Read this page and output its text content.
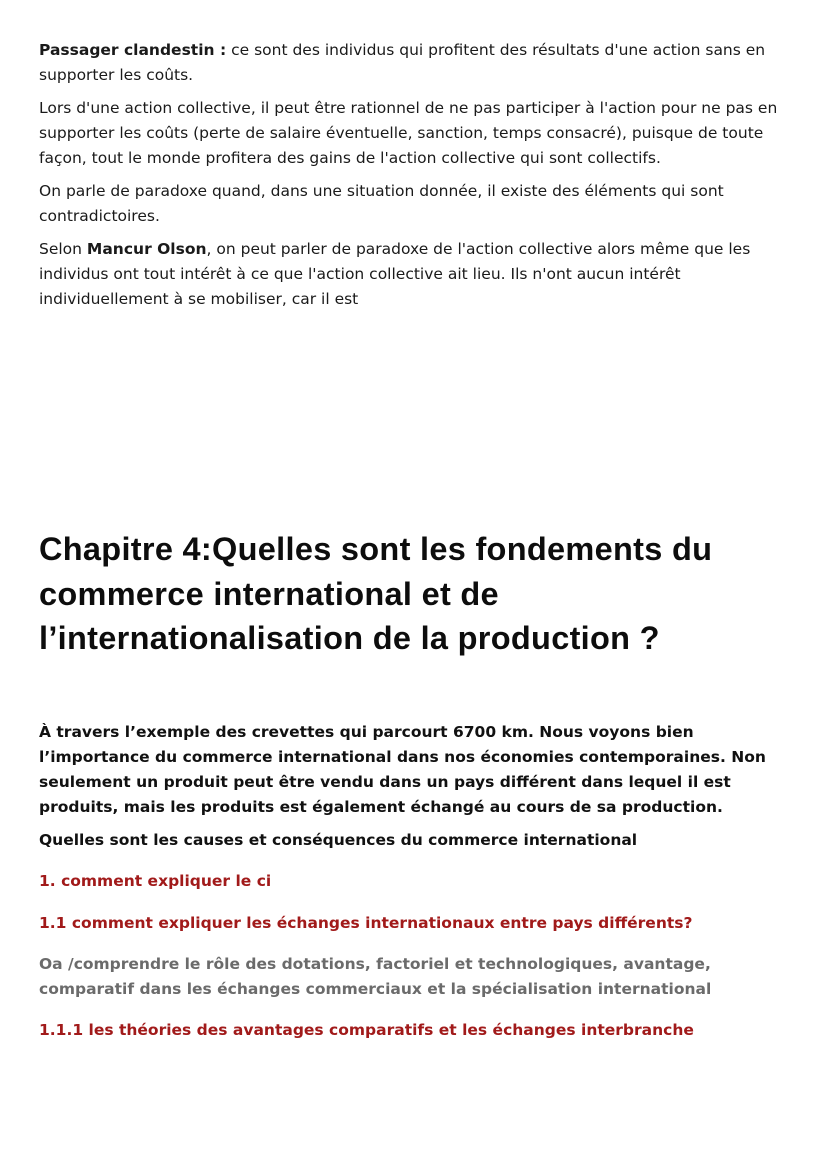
Passager clandestin : ce sont des individus qui profitent des résultats d'une action sans en supporter les coûts.

Lors d'une action collective, il peut être rationnel de ne pas participer à l'action pour ne pas en supporter les coûts (perte de salaire éventuelle, sanction, temps consacré), puisque de toute façon, tout le monde profitera des gains de l'action collective qui sont collectifs.

On parle de paradoxe quand, dans une situation donnée, il existe des éléments qui sont contradictoires.

Selon Mancur Olson, on peut parler de paradoxe de l'action collective alors même que les individus ont tout intérêt à ce que l'action collective ait lieu. Ils n'ont aucun intérêt individuellement à se mobiliser, car il est

Chapitre 4:Quelles sont les fondements du commerce international et de l’internationalisation de la production ?

À travers l’exemple des crevettes qui parcourt 6700 km. Nous voyons bien l’importance du commerce international dans nos économies contemporaines. Non seulement un produit peut être vendu dans un pays différent dans lequel il est produits, mais les produits est également échangé au cours de sa production.

Quelles sont les causes et conséquences du commerce international

1. comment expliquer le ci

1.1 comment expliquer les échanges internationaux entre pays différents?

Oa /comprendre le rôle des dotations, factoriel et technologiques, avantage, comparatif dans les échanges commerciaux et la spécialisation international

1.1.1 les théories des avantages comparatifs et les échanges interbranche
